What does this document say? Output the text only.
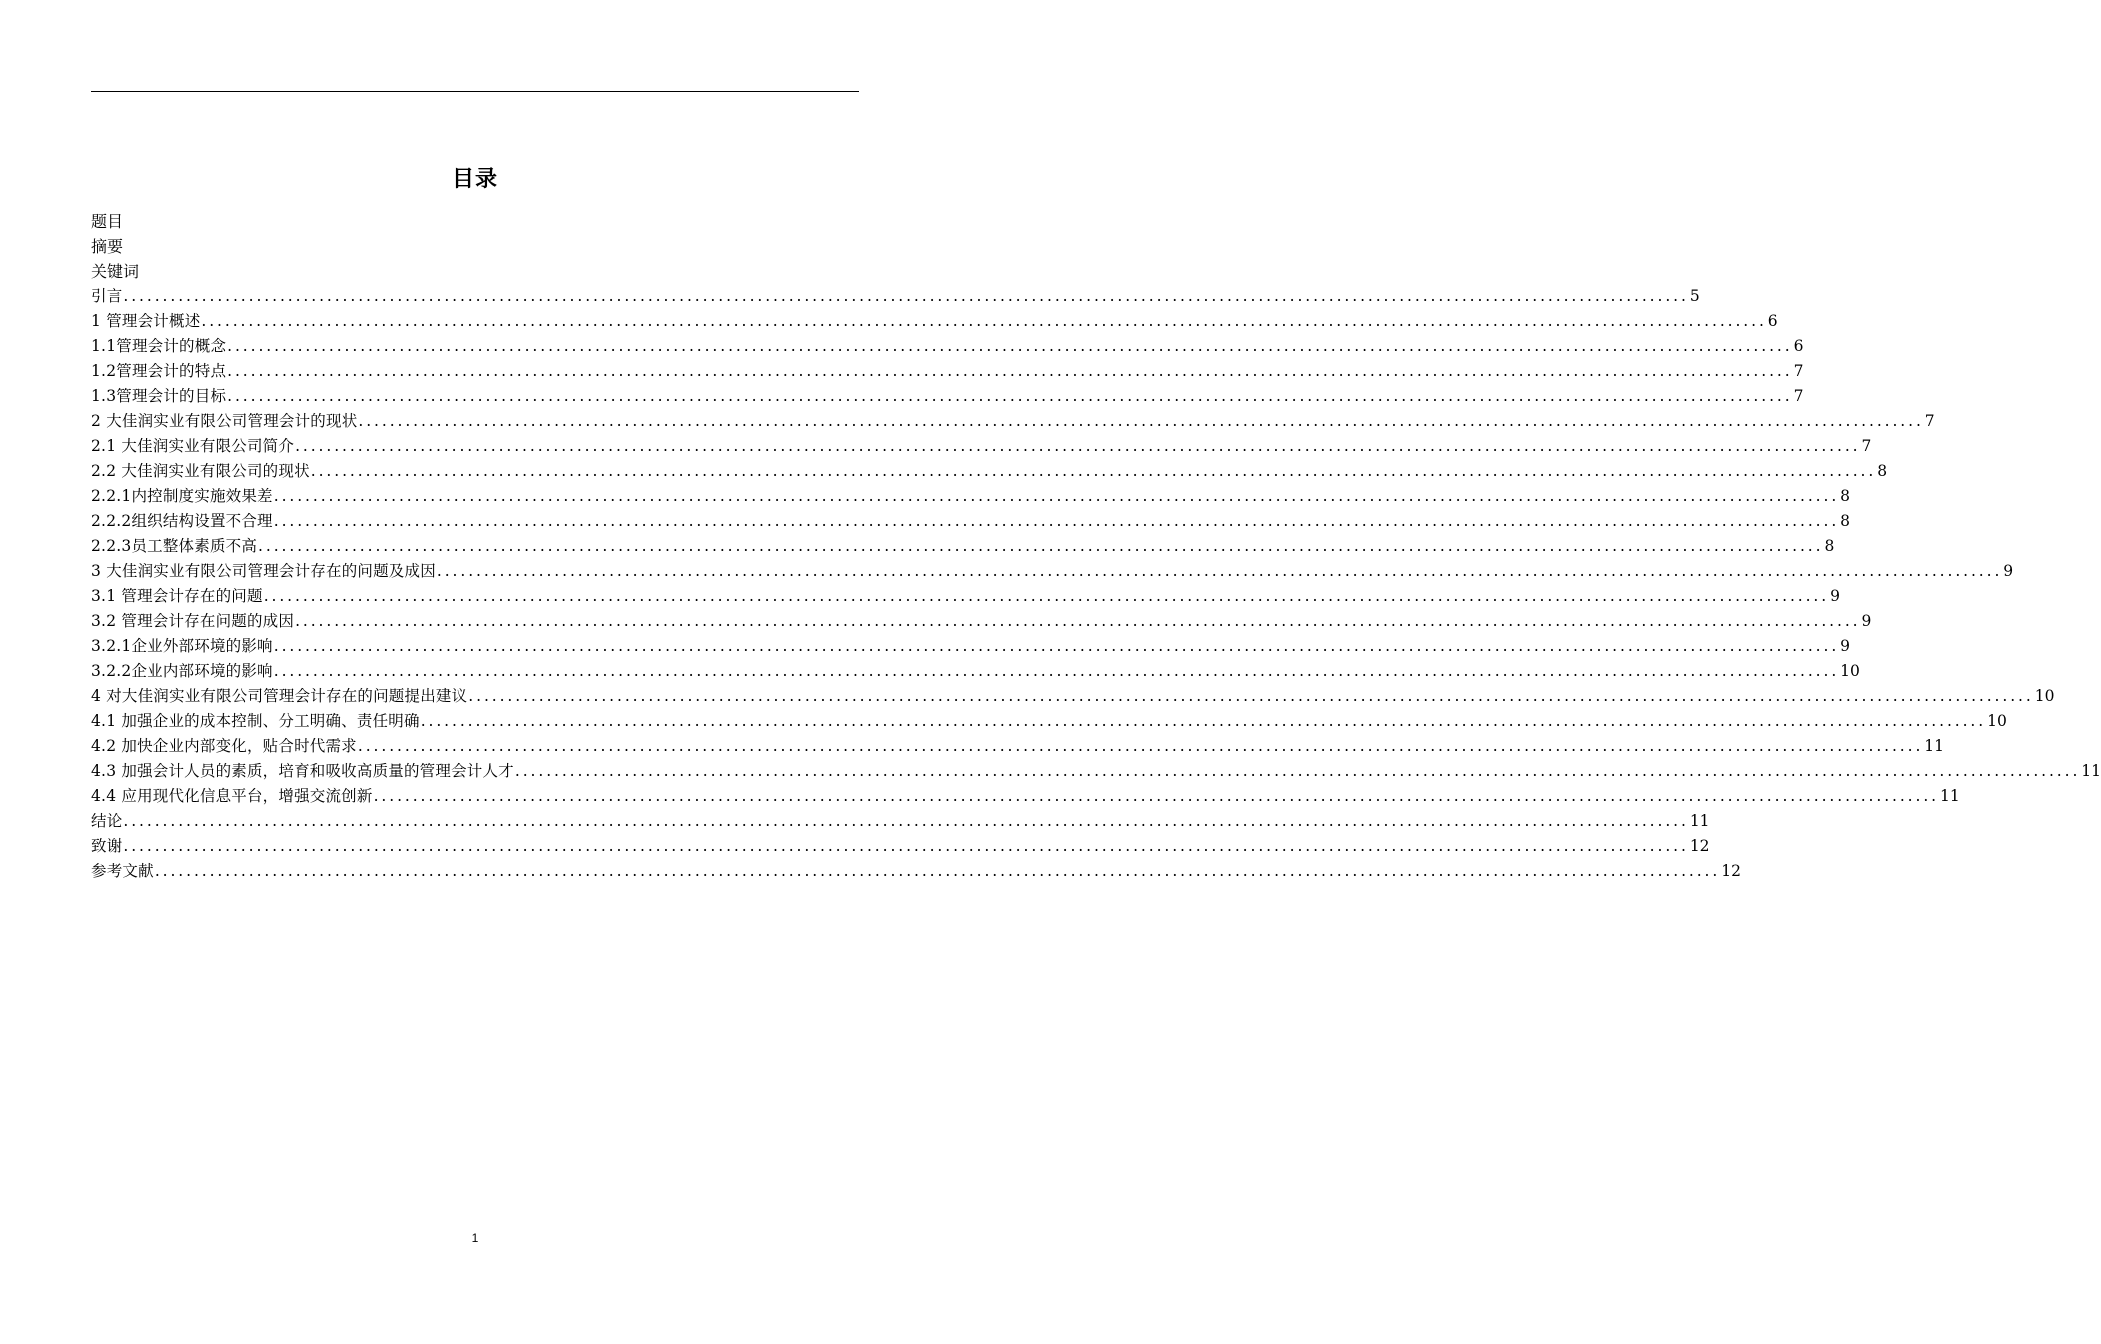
目录
题目
摘要
关键词
引言 ........................................................................................................................................................................................................ 5
1 管理会计概述 ........................................................................................................................................................................................................ 6
1.1管理会计的概念 ........................................................................................................................................................................................................ 6
1.2管理会计的特点 ........................................................................................................................................................................................................ 7
1.3管理会计的目标 ........................................................................................................................................................................................................ 7
2 大佳润实业有限公司管理会计的现状 ........................................................................................................................................................................................................ 7
2.1 大佳润实业有限公司简介 ........................................................................................................................................................................................................ 7
2.2 大佳润实业有限公司的现状 ........................................................................................................................................................................................................ 8
2.2.1内控制度实施效果差 ........................................................................................................................................................................................................ 8
2.2.2组织结构设置不合理 ........................................................................................................................................................................................................ 8
2.2.3员工整体素质不高 ........................................................................................................................................................................................................ 8
3 大佳润实业有限公司管理会计存在的问题及成因 ........................................................................................................................................................................................................ 9
3.1 管理会计存在的问题 ........................................................................................................................................................................................................ 9
3.2 管理会计存在问题的成因 ........................................................................................................................................................................................................ 9
3.2.1企业外部环境的影响 ........................................................................................................................................................................................................ 9
3.2.2企业内部环境的影响 ........................................................................................................................................................................................................ 10
4 对大佳润实业有限公司管理会计存在的问题提出建议 ........................................................................................................................................................................................................ 10
4.1 加强企业的成本控制、分工明确、责任明确 ........................................................................................................................................................................................................ 10
4.2 加快企业内部变化，贴合时代需求 ........................................................................................................................................................................................................ 11
4.3 加强会计人员的素质，培育和吸收高质量的管理会计人才 ........................................................................................................................................................................................................ 11
4.4 应用现代化信息平台，增强交流创新 ........................................................................................................................................................................................................ 11
结论 ........................................................................................................................................................................................................ 11
致谢 ........................................................................................................................................................................................................ 12
参考文献 ........................................................................................................................................................................................................ 12
1
